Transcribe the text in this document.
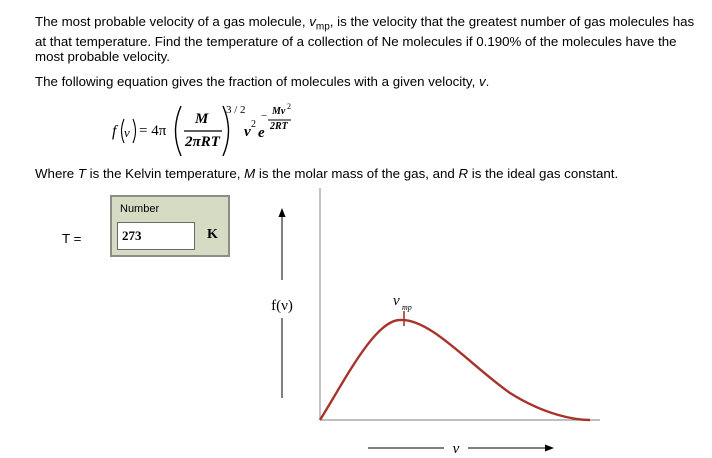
The most probable velocity of a gas molecule, $v_{mp}$, is the velocity that the greatest number of gas molecules has at that temperature. Find the temperature of a collection of Ne molecules if 0.190% of the molecules have the most probable velocity.
The following equation gives the fraction of molecules with a given velocity, v.
f v = 4π
M
2πRT
3 / 2
v 2
e
− Mv 2
2RT
Where T is the Kelvin temperature, M is the molar mass of the gas, and R is the ideal gas constant.
T =
Number
273
K
f(ν)
ν
ν mp
